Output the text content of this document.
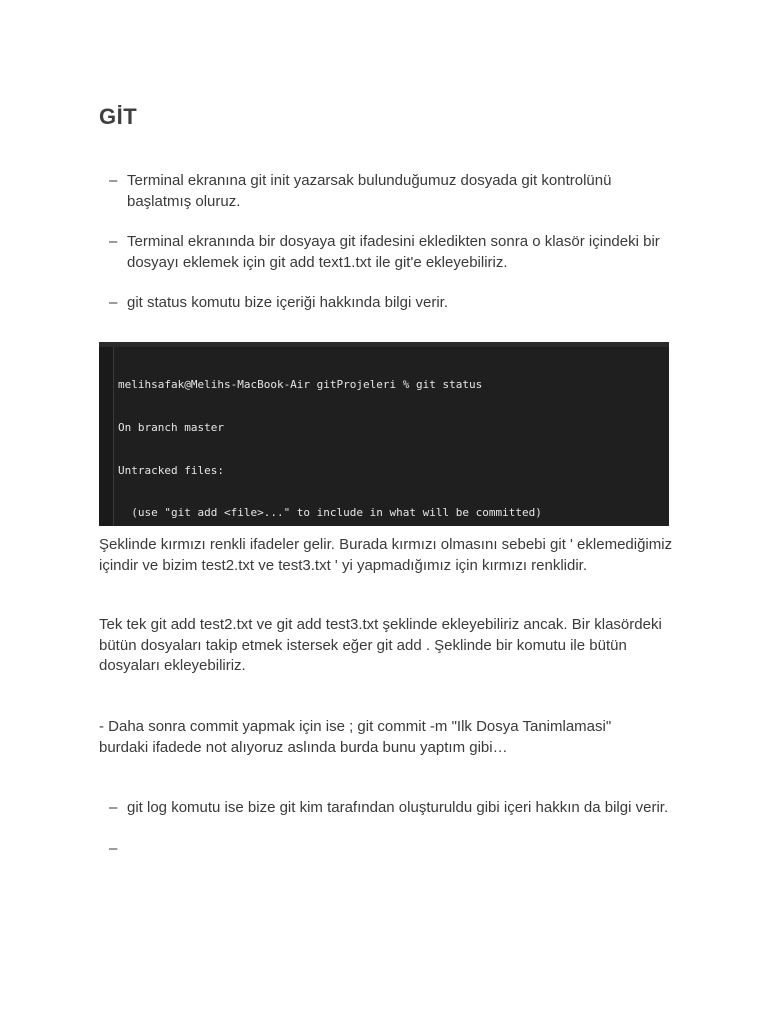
GİT
– Terminal ekranına git init yazarsak bulunduğumuz dosyada git kontrolünü başlatmış oluruz.
– Terminal ekranında bir dosyaya git ifadesini ekledikten sonra o klasör içindeki bir dosyayı eklemek için git add text1.txt ile git'e ekleyebiliriz.
– git status komutu bize içeriği hakkında bilgi verir.

melihsafak@Melihs-MacBook-Air gitProjeleri % git status

On branch master

Untracked files:

(use "git add <file>..." to include in what will be committed)

Şeklinde kırmızı renkli ifadeler gelir. Burada kırmızı olmasını sebebi git ' eklemediğimiz içindir ve bizim test2.txt ve test3.txt ' yi yapmadığımız için kırmızı renklidir.

Tek tek git add test2.txt ve git add test3.txt şeklinde ekleyebiliriz ancak. Bir klasördeki bütün dosyaları takip etmek istersek eğer git add . Şeklinde bir komutu ile bütün dosyaları ekleyebiliriz.

- Daha sonra commit yapmak için ise ; git commit -m "Ilk Dosya Tanimlamasi" burdaki ifadede not alıyoruz aslında burda bunu yaptım gibi…

– git log komutu ise bize git kim tarafından oluşturuldu gibi içeri hakkın da bilgi verir.
–
